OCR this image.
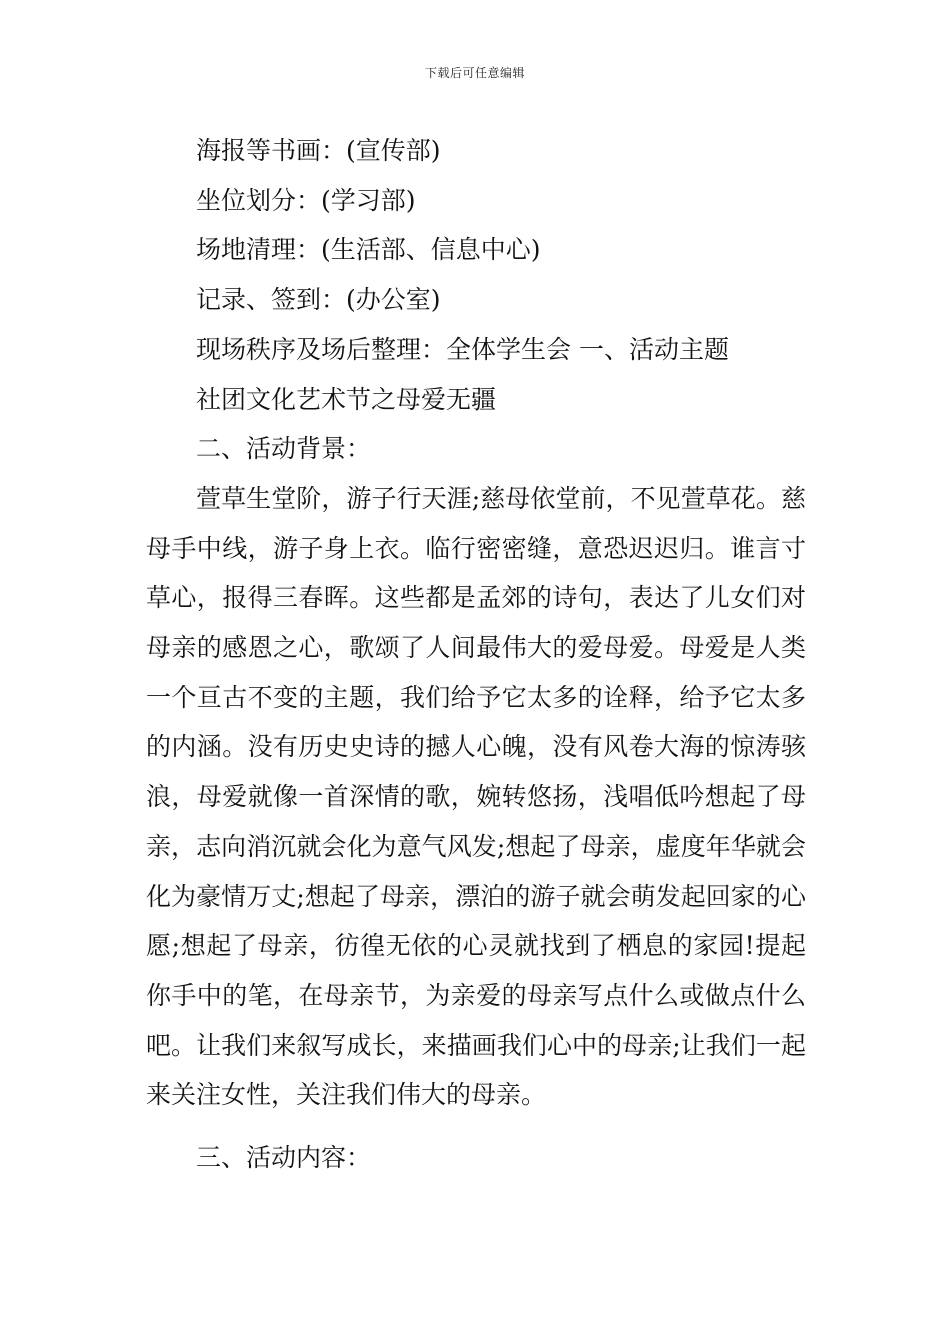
下载后可任意编辑
海报等书画：(宣传部)
坐位划分：(学习部)
场地清理：(生活部、信息中心)
记录、签到：(办公室)
现场秩序及场后整理：全体学生会 一、活动主题
社团文化艺术节之母爱无疆
二、活动背景：

萱草生堂阶，游子行天涯;慈母依堂前，不见萱草花。慈母手中线，游子身上衣。临行密密缝，意恐迟迟归。谁言寸草心，报得三春晖。这些都是孟郊的诗句，表达了儿女们对母亲的感恩之心，歌颂了人间最伟大的爱母爱。母爱是人类一个亘古不变的主题，我们给予它太多的诠释，给予它太多的内涵。没有历史史诗的撼人心魄，没有风卷大海的惊涛骇浪，母爱就像一首深情的歌，婉转悠扬，浅唱低吟想起了母亲，志向消沉就会化为意气风发;想起了母亲，虚度年华就会化为豪情万丈;想起了母亲，漂泊的游子就会萌发起回家的心愿;想起了母亲，彷徨无依的心灵就找到了栖息的家园!提起你手中的笔，在母亲节，为亲爱的母亲写点什么或做点什么吧。让我们来叙写成长，来描画我们心中的母亲;让我们一起来关注女性，关注我们伟大的母亲。

三、活动内容：
